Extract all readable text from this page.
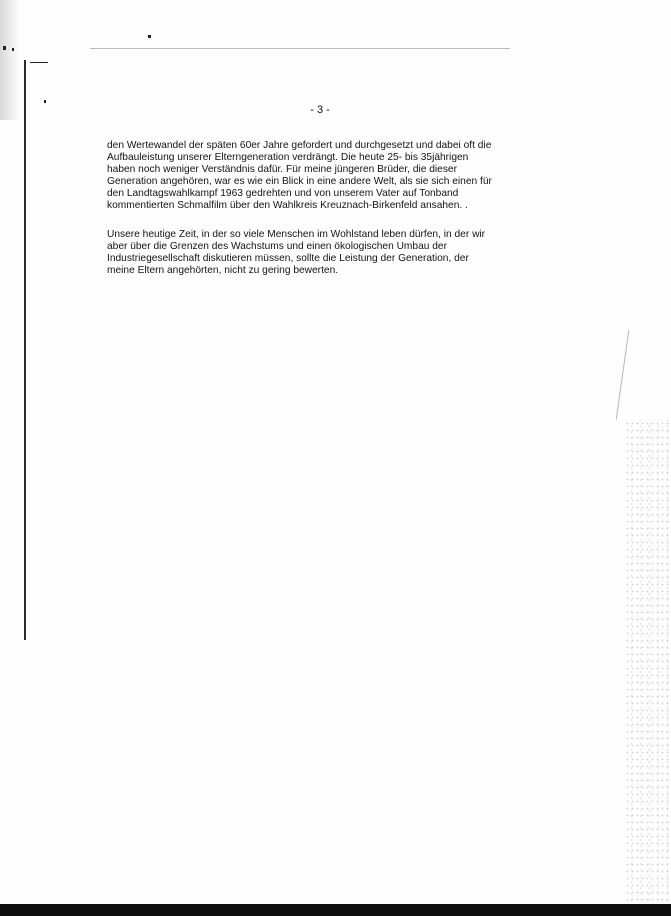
- 3 -
den Wertewandel der späten 60er Jahre gefordert und durchgesetzt und dabei oft die
Aufbauleistung unserer Elterngeneration verdrängt. Die heute 25- bis 35jährigen
haben noch weniger Verständnis dafür. Für meine jüngeren Brüder, die dieser
Generation angehören, war es wie ein Blick in eine andere Welt, als sie sich einen für
den Landtagswahlkampf 1963 gedrehten und von unserem Vater auf Tonband
kommentierten Schmalfilm über den Wahlkreis Kreuznach-Birkenfeld ansahen. .
Unsere heutige Zeit, in der so viele Menschen im Wohlstand leben dürfen, in der wir
aber über die Grenzen des Wachstums und einen ökologischen Umbau der
Industriegesellschaft diskutieren müssen, sollte die Leistung der Generation, der
meine Eltern angehörten, nicht zu gering bewerten.
